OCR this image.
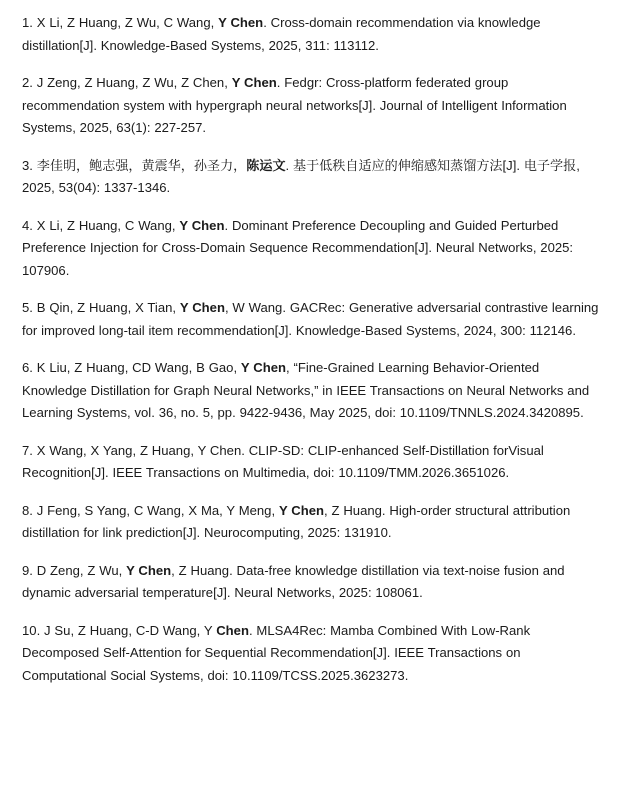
1. X Li, Z Huang, Z Wu, C Wang, Y Chen. Cross-domain recommendation via knowledge distillation[J]. Knowledge-Based Systems, 2025, 311: 113112.

2. J Zeng, Z Huang, Z Wu, Z Chen, Y Chen. Fedgr: Cross-platform federated group recommendation system with hypergraph neural networks[J]. Journal of Intelligent Information Systems, 2025, 63(1): 227-257.

3. 李佳明，鲍志强，黄震华，孙圣力，陈运文. 基于低秩自适应的伸缩感知蒸馏方法[J]. 电子学报, 2025, 53(04): 1337-1346.

4. X Li, Z Huang, C Wang, Y Chen. Dominant Preference Decoupling and Guided Perturbed Preference Injection for Cross-Domain Sequence Recommendation[J]. Neural Networks, 2025: 107906.

5. B Qin, Z Huang, X Tian, Y Chen, W Wang. GACRec: Generative adversarial contrastive learning for improved long-tail item recommendation[J]. Knowledge-Based Systems, 2024, 300: 112146.

6. K Liu, Z Huang, CD Wang, B Gao, Y Chen, “Fine-Grained Learning Behavior-Oriented Knowledge Distillation for Graph Neural Networks,” in IEEE Transactions on Neural Networks and Learning Systems, vol. 36, no. 5, pp. 9422-9436, May 2025, doi: 10.1109/TNNLS.2024.3420895.

7. X Wang, X Yang, Z Huang, Y Chen. CLIP-SD: CLIP-enhanced Self-Distillation forVisual Recognition[J]. IEEE Transactions on Multimedia, doi: 10.1109/TMM.2026.3651026.

8. J Feng, S Yang, C Wang, X Ma, Y Meng, Y Chen, Z Huang. High-order structural attribution distillation for link prediction[J]. Neurocomputing, 2025: 131910.

9. D Zeng, Z Wu, Y Chen, Z Huang. Data-free knowledge distillation via text-noise fusion and dynamic adversarial temperature[J]. Neural Networks, 2025: 108061.

10. J Su, Z Huang, C-D Wang, Y Chen. MLSA4Rec: Mamba Combined With Low-Rank Decomposed Self-Attention for Sequential Recommendation[J]. IEEE Transactions on Computational Social Systems, doi: 10.1109/TCSS.2025.3623273.
